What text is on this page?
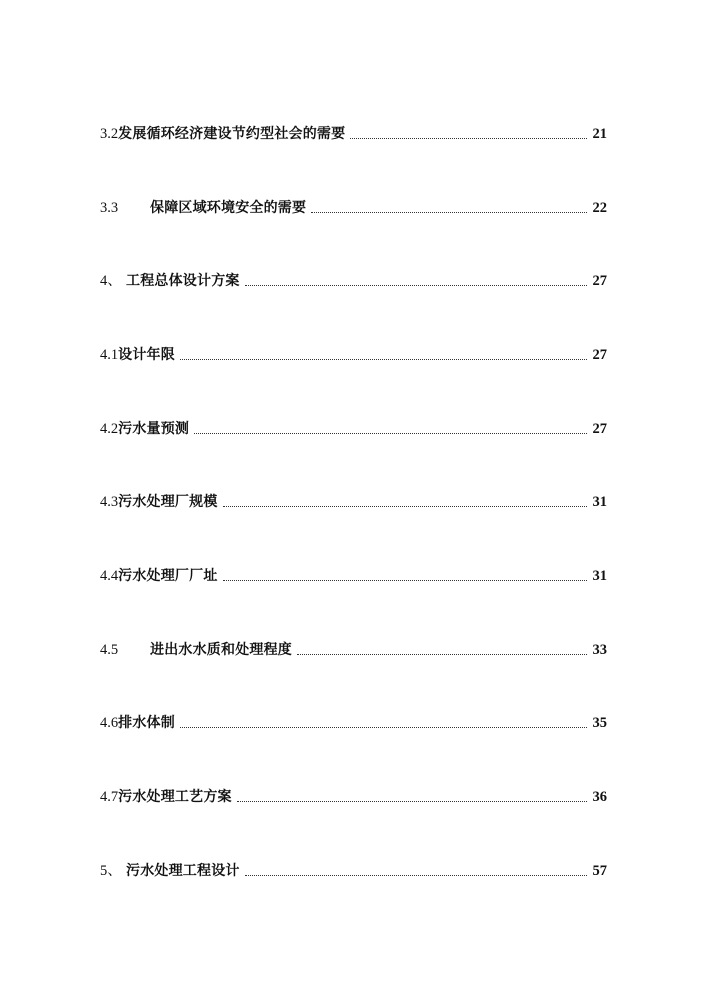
3.2 发展循环经济建设节约型社会的需要	21
3.3	保障区域环境安全的需要	22
4、 工程总体设计方案	27
4.1 设计年限	27
4.2 污水量预测	27
4.3 污水处理厂规模	31
4.4 污水处理厂厂址	31
4.5	进出水水质和处理程度	33
4.6 排水体制	35
4.7 污水处理工艺方案	36
5、 污水处理工程设计	57
